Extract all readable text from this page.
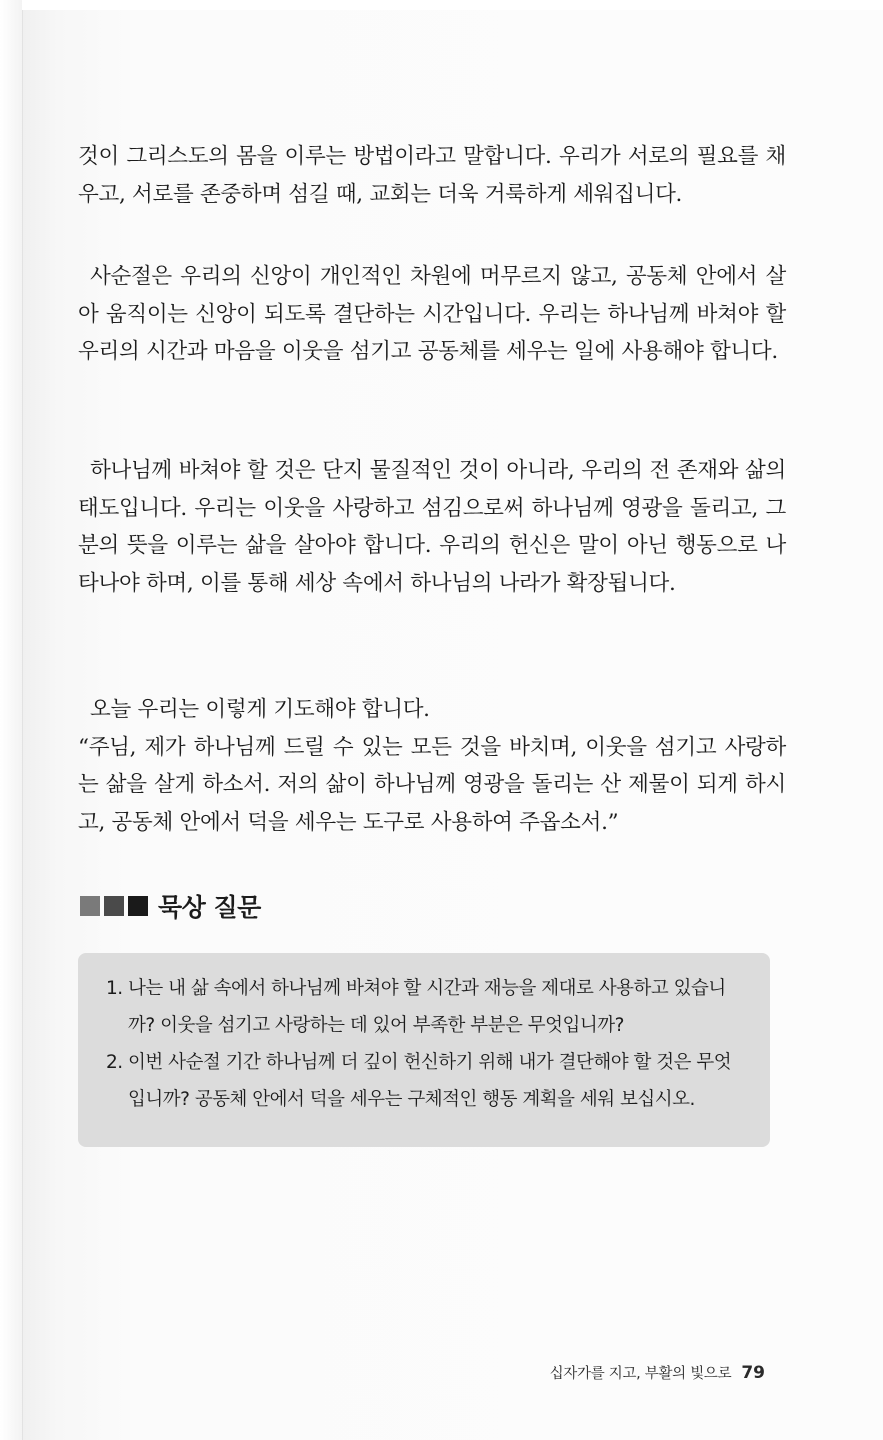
것이 그리스도의 몸을 이루는 방법이라고 말합니다. 우리가 서로의 필요를 채우고, 서로를 존중하며 섬길 때, 교회는 더욱 거룩하게 세워집니다.

사순절은 우리의 신앙이 개인적인 차원에 머무르지 않고, 공동체 안에서 살아 움직이는 신앙이 되도록 결단하는 시간입니다. 우리는 하나님께 바쳐야 할 우리의 시간과 마음을 이웃을 섬기고 공동체를 세우는 일에 사용해야 합니다.

하나님께 바쳐야 할 것은 단지 물질적인 것이 아니라, 우리의 전 존재와 삶의 태도입니다. 우리는 이웃을 사랑하고 섬김으로써 하나님께 영광을 돌리고, 그분의 뜻을 이루는 삶을 살아야 합니다. 우리의 헌신은 말이 아닌 행동으로 나타나야 하며, 이를 통해 세상 속에서 하나님의 나라가 확장됩니다.

오늘 우리는 이렇게 기도해야 합니다.
“주님, 제가 하나님께 드릴 수 있는 모든 것을 바치며, 이웃을 섬기고 사랑하는 삶을 살게 하소서. 저의 삶이 하나님께 영광을 돌리는 산 제물이 되게 하시고, 공동체 안에서 덕을 세우는 도구로 사용하여 주옵소서.”
묵상 질문
1. 나는 내 삶 속에서 하나님께 바쳐야 할 시간과 재능을 제대로 사용하고 있습니까? 이웃을 섬기고 사랑하는 데 있어 부족한 부분은 무엇입니까?
2. 이번 사순절 기간 하나님께 더 깊이 헌신하기 위해 내가 결단해야 할 것은 무엇입니까? 공동체 안에서 덕을 세우는 구체적인 행동 계획을 세워 보십시오.
십자가를 지고, 부활의 빛으로 79
